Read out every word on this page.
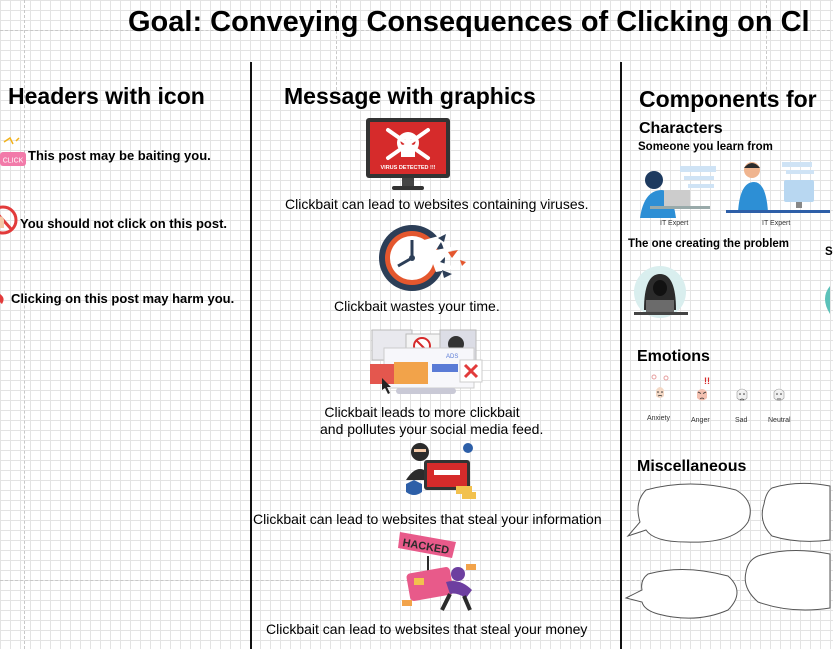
Goal: Conveying Consequences of Clicking on Cl
Headers with icon
CLICK This post may be baiting you.
You should not click on this post.
Clicking on this post may harm you.
Message with graphics
VIRUS DETECTED !!!
Clickbait can lead to websites containing viruses.
Clickbait wastes your time.
ADS
Clickbait leads to more clickbait
and pollutes your social media feed.
Clickbait can lead to websites that steal your information
HACKED
Clickbait can lead to websites that steal your money
Components for
Characters
Someone you learn from
IT Expert	IT Expert
The one creating the problem
S
Emotions
Anxiety
!!
Anger	Sad	Neutral
Miscellaneous
